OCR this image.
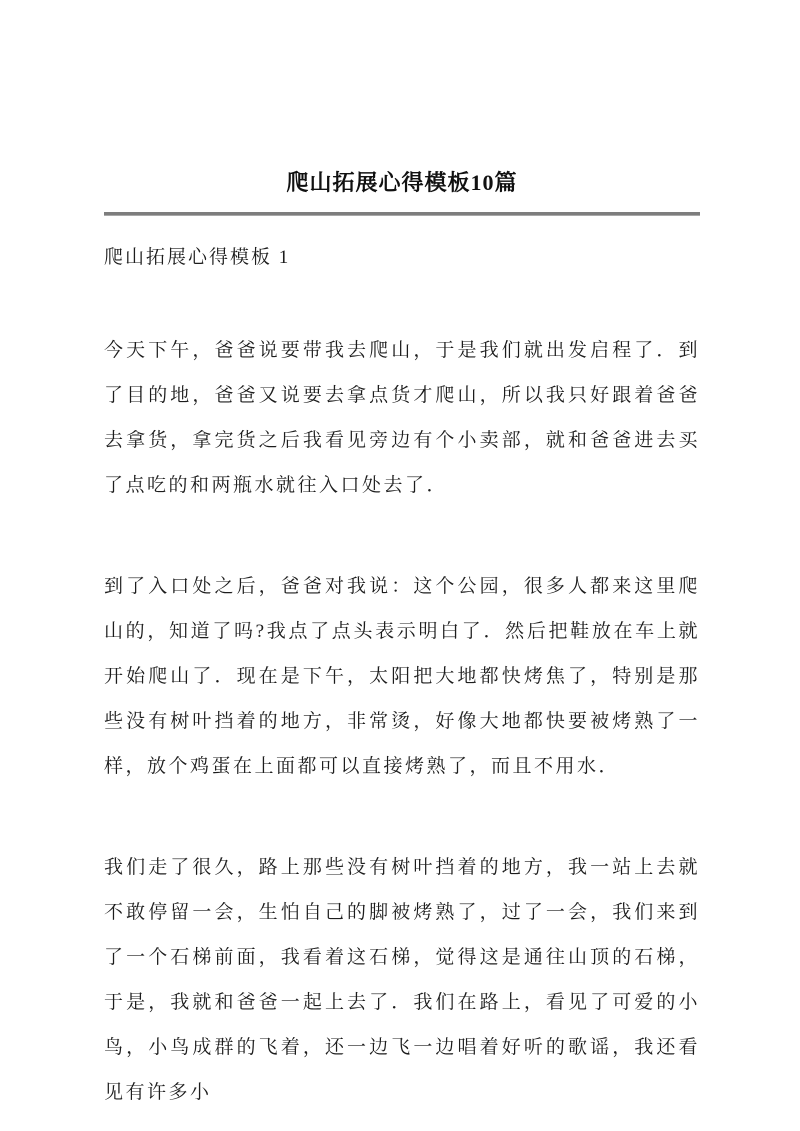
爬山拓展心得模板10篇
爬山拓展心得模板 1

今天下午，爸爸说要带我去爬山，于是我们就出发启程了．到了目的地，爸爸又说要去拿点货才爬山，所以我只好跟着爸爸去拿货，拿完货之后我看见旁边有个小卖部，就和爸爸进去买了点吃的和两瓶水就往入口处去了．

到了入口处之后，爸爸对我说：这个公园，很多人都来这里爬山的，知道了吗?我点了点头表示明白了．然后把鞋放在车上就开始爬山了．现在是下午，太阳把大地都快烤焦了，特别是那些没有树叶挡着的地方，非常烫，好像大地都快要被烤熟了一样，放个鸡蛋在上面都可以直接烤熟了，而且不用水．

我们走了很久，路上那些没有树叶挡着的地方，我一站上去就不敢停留一会，生怕自己的脚被烤熟了，过了一会，我们来到了一个石梯前面，我看着这石梯，觉得这是通往山顶的石梯，于是，我就和爸爸一起上去了．我们在路上，看见了可爱的小鸟，小鸟成群的飞着，还一边飞一边唱着好听的歌谣，我还看见有许多小
